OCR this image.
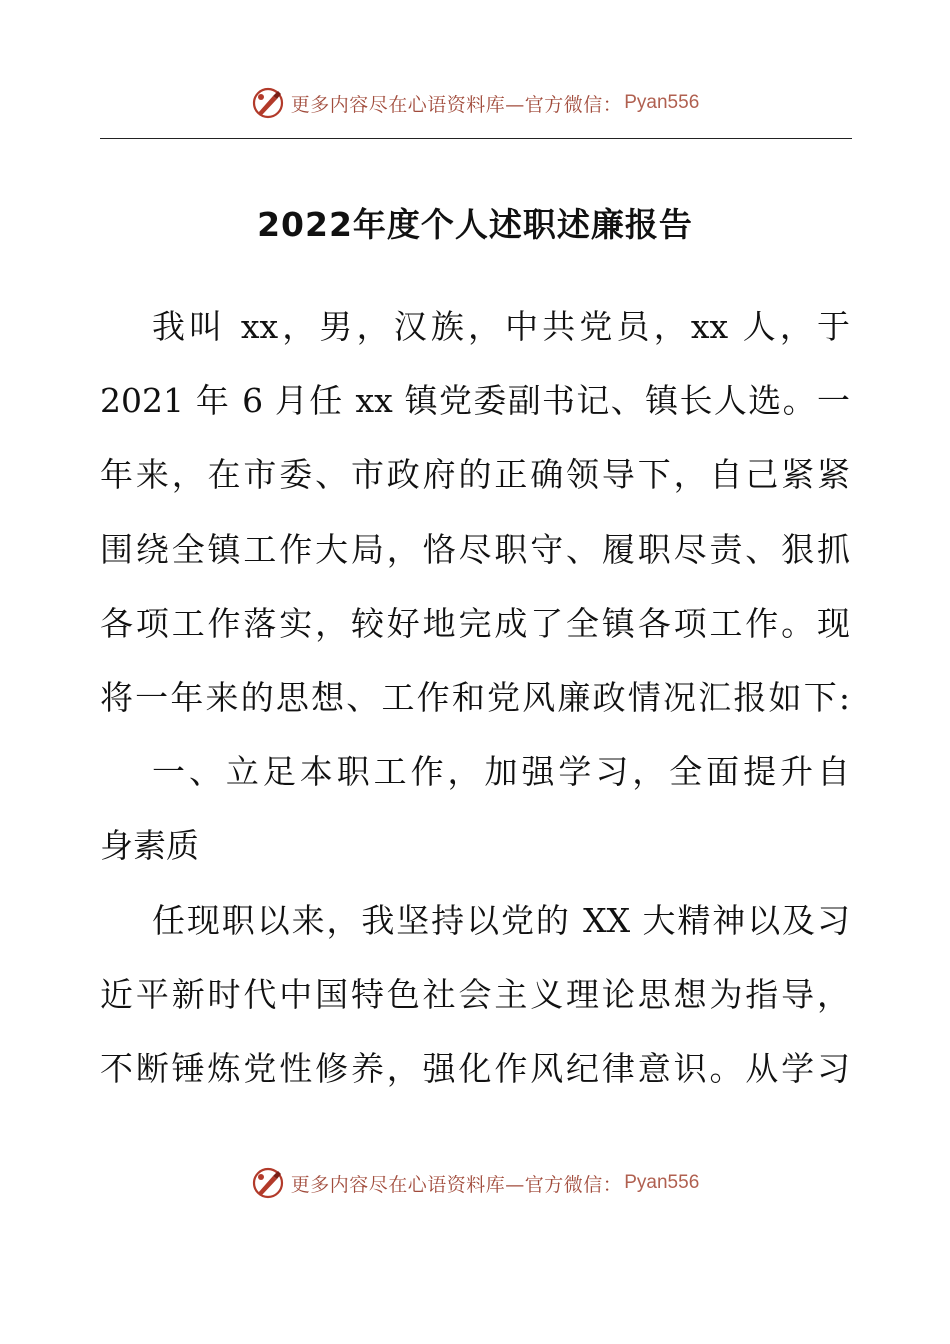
更多内容尽在心语资料库—官方微信： Pyan556
2022年度个人述职述廉报告
我叫 xx，男，汉族，中共党员，xx 人，于
2021 年 6 月任 xx 镇党委副书记、镇长人选。一
年来，在市委、市政府的正确领导下，自己紧紧
围绕全镇工作大局，恪尽职守、履职尽责、狠抓
各项工作落实，较好地完成了全镇各项工作。现
将一年来的思想、工作和党风廉政情况汇报如下:
一、立足本职工作，加强学习，全面提升自
身素质
任现职以来，我坚持以党的 XX 大精神以及习
近平新时代中国特色社会主义理论思想为指导，
不断锤炼党性修养，强化作风纪律意识。从学习
更多内容尽在心语资料库—官方微信： Pyan556
